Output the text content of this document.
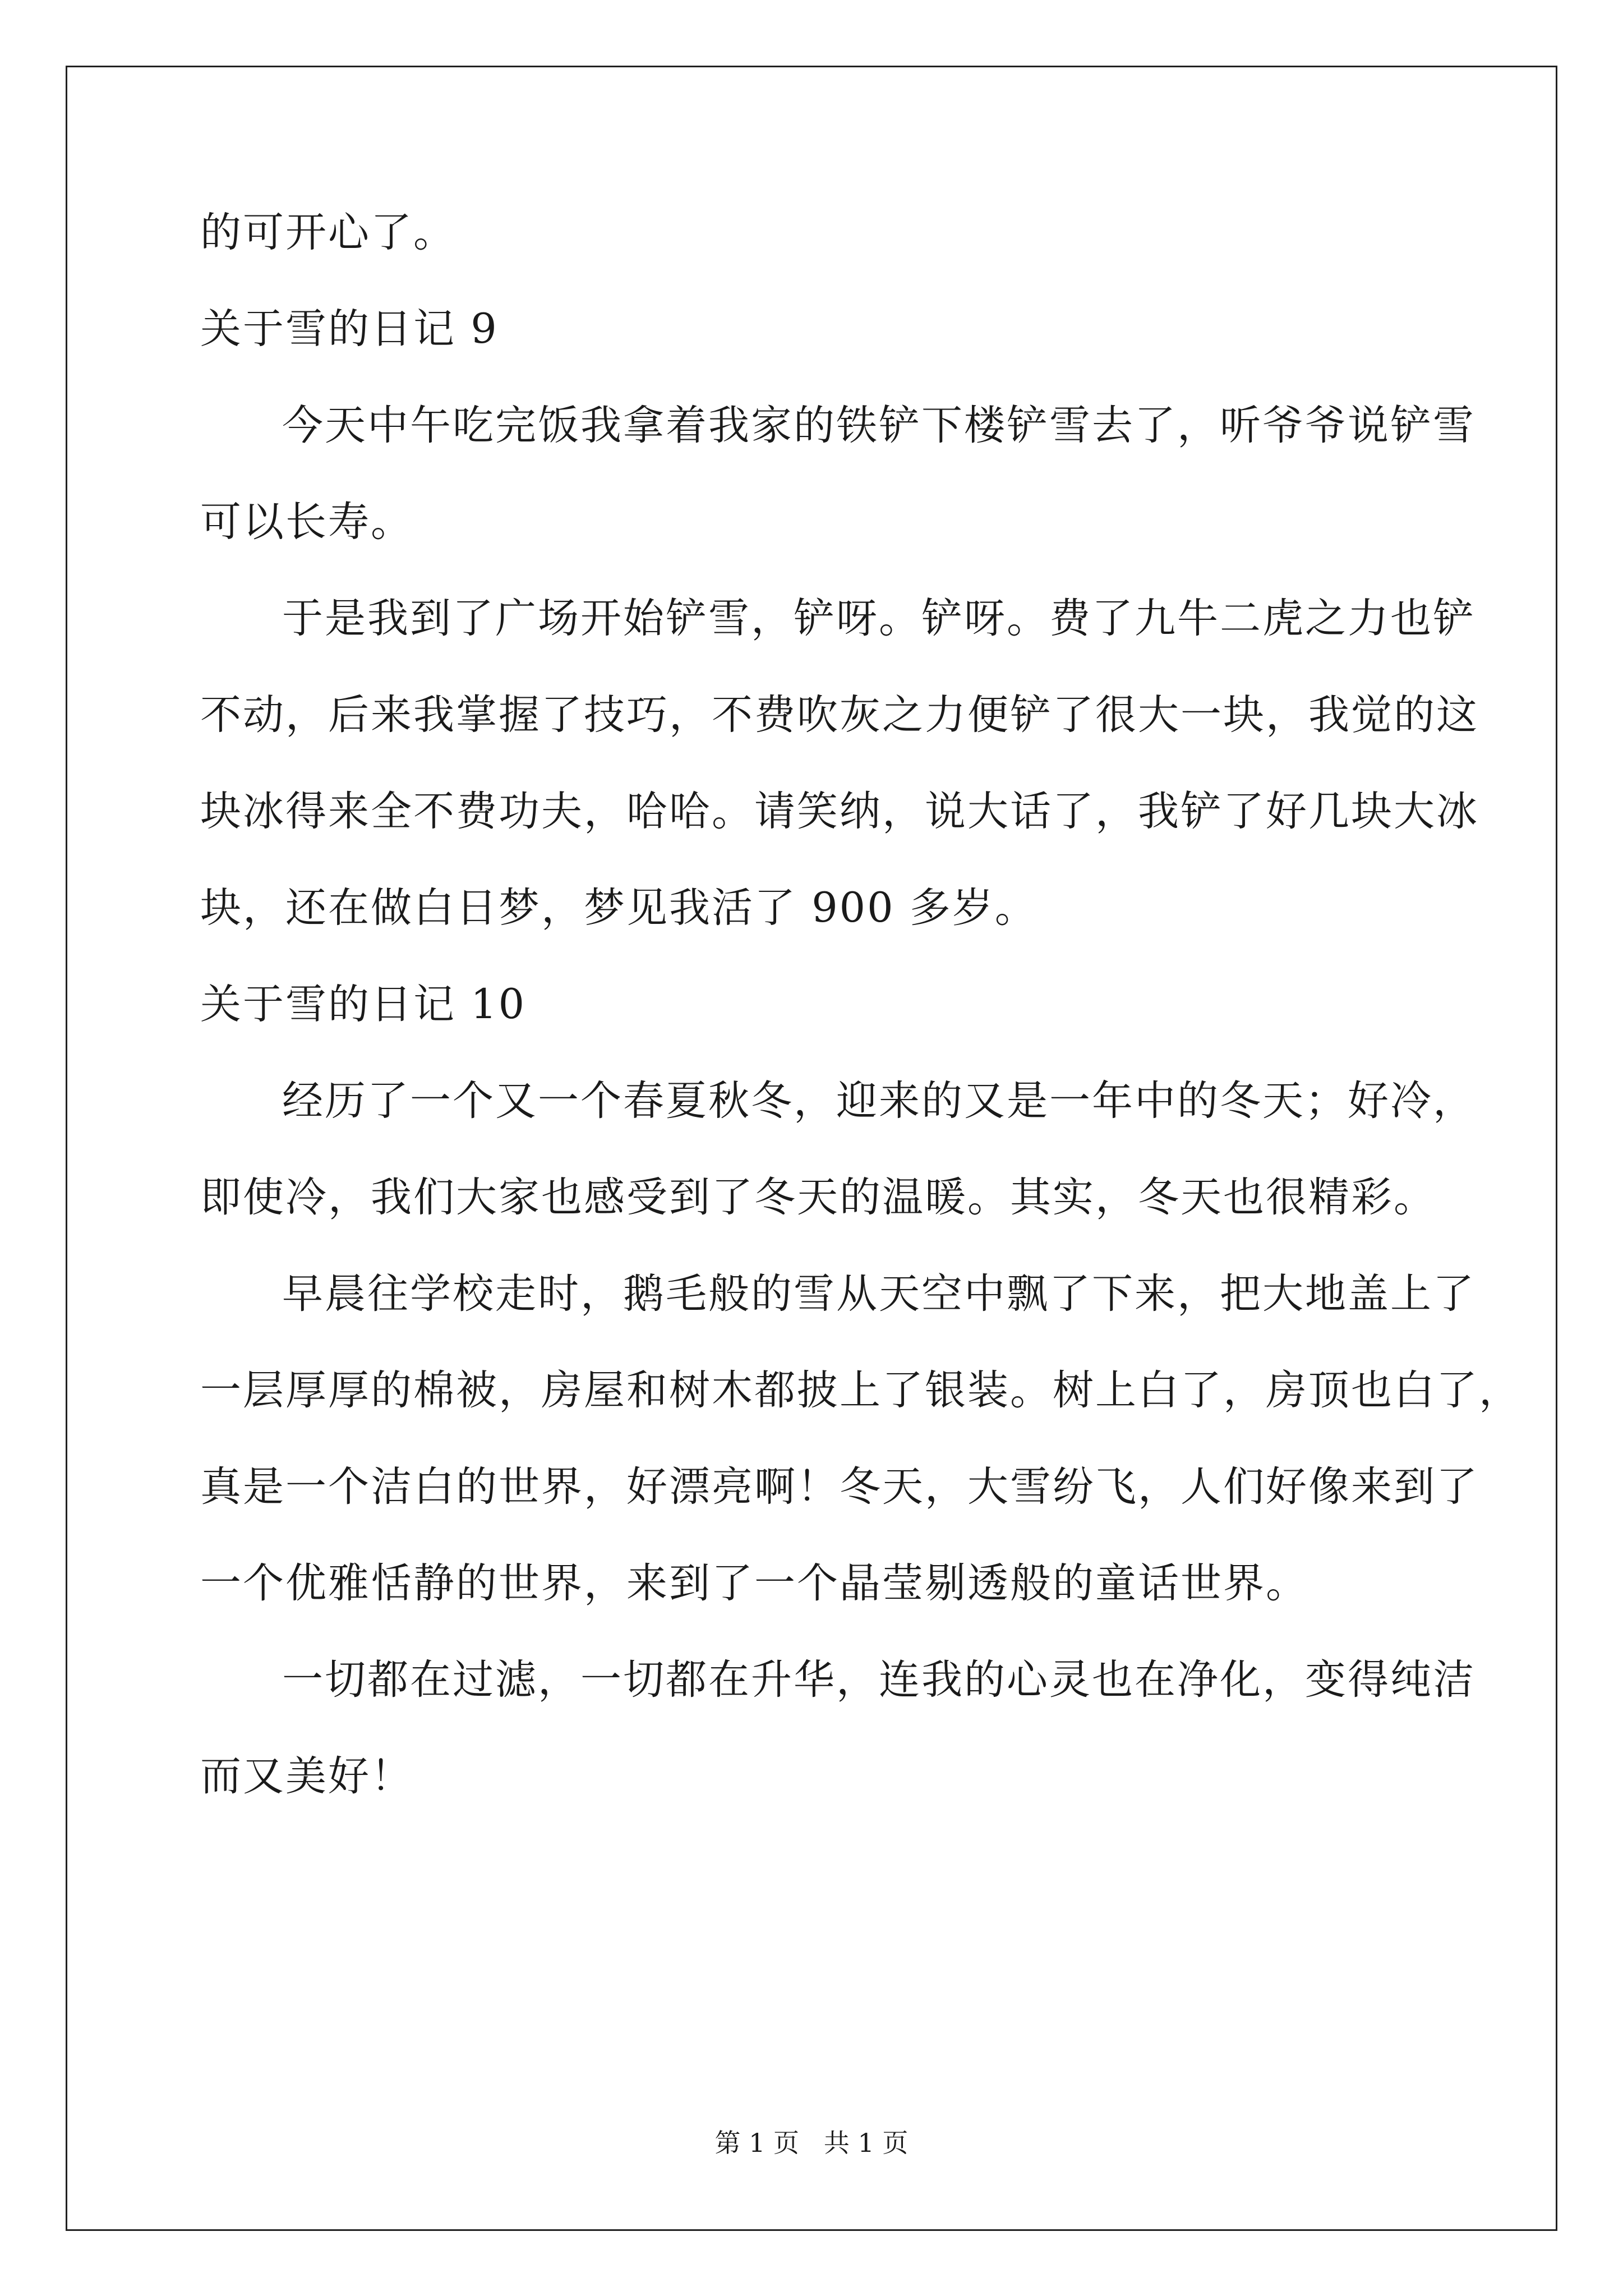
的可开心了。
关于雪的日记 9
今天中午吃完饭我拿着我家的铁铲下楼铲雪去了，听爷爷说铲雪
可以长寿。
于是我到了广场开始铲雪，铲呀。铲呀。费了九牛二虎之力也铲
不动，后来我掌握了技巧，不费吹灰之力便铲了很大一块，我觉的这
块冰得来全不费功夫，哈哈。请笑纳，说大话了，我铲了好几块大冰
块，还在做白日梦，梦见我活了 900 多岁。
关于雪的日记 10
经历了一个又一个春夏秋冬，迎来的又是一年中的冬天；好冷，
即使冷，我们大家也感受到了冬天的温暖。其实，冬天也很精彩。
早晨往学校走时，鹅毛般的雪从天空中飘了下来，把大地盖上了
一层厚厚的棉被，房屋和树木都披上了银装。树上白了，房顶也白了，
真是一个洁白的世界，好漂亮啊！冬天，大雪纷飞，人们好像来到了
一个优雅恬静的世界，来到了一个晶莹剔透般的童话世界。
一切都在过滤，一切都在升华，连我的心灵也在净化，变得纯洁
而又美好！
第 1 页   共 1 页
